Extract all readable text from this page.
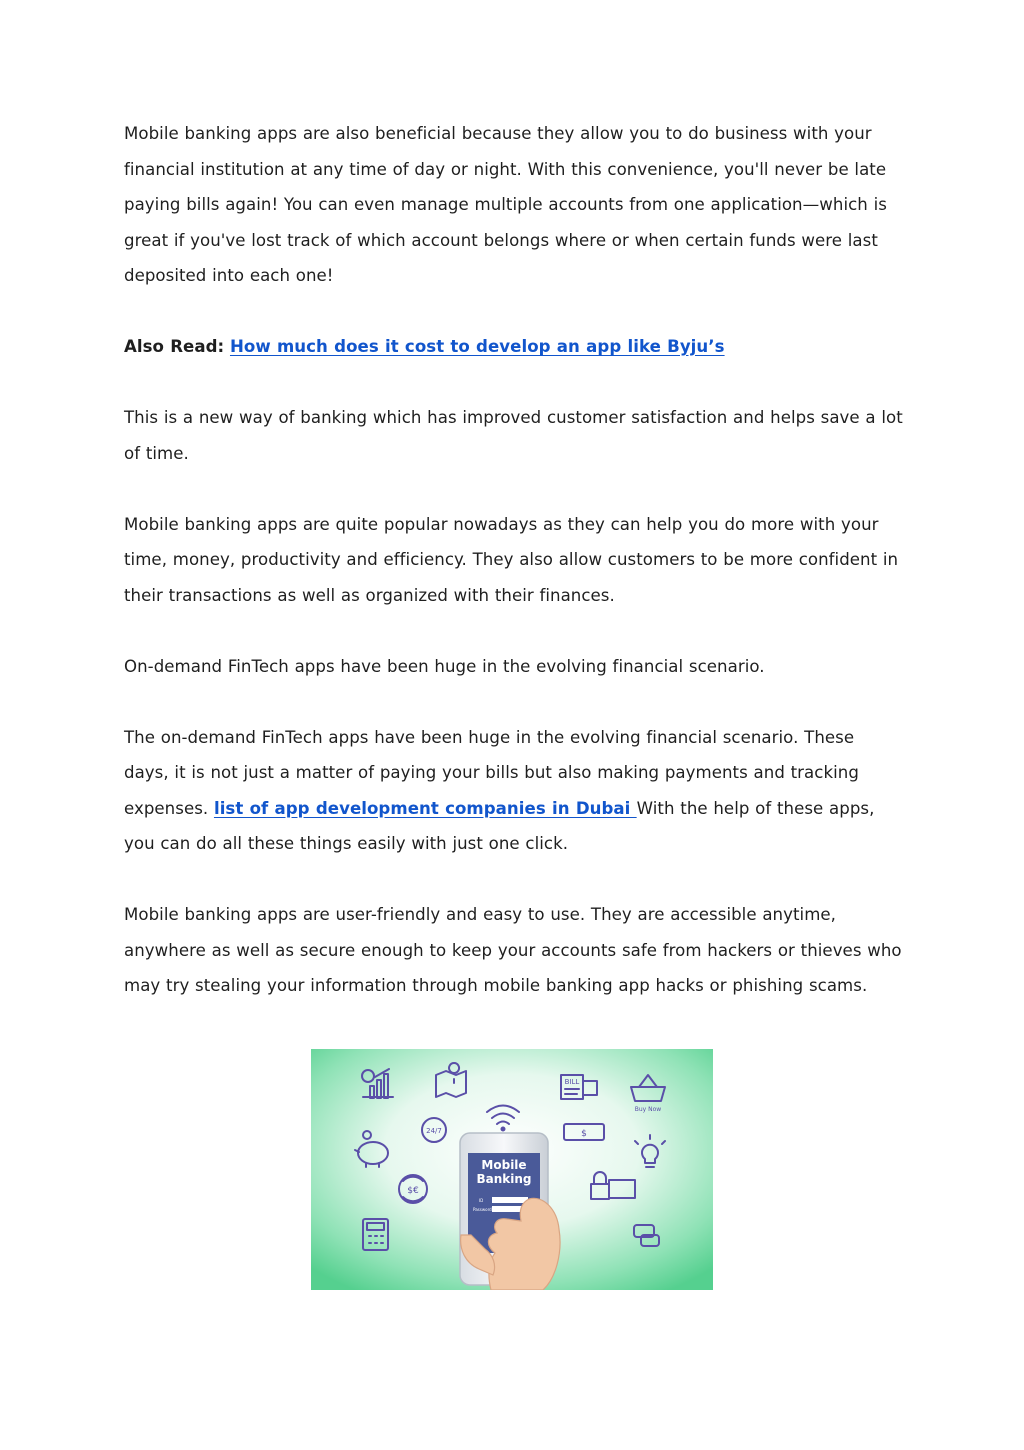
Mobile banking apps are also beneficial because they allow you to do business with your financial institution at any time of day or night. With this convenience, you'll never be late paying bills again! You can even manage multiple accounts from one application—which is great if you've lost track of which account belongs where or when certain funds were last deposited into each one!

Also Read: How much does it cost to develop an app like Byju’s

This is a new way of banking which has improved customer satisfaction and helps save a lot of time.

Mobile banking apps are quite popular nowadays as they can help you do more with your time, money, productivity and efficiency. They also allow customers to be more confident in their transactions as well as organized with their finances.

On-demand FinTech apps have been huge in the evolving financial scenario.

The on-demand FinTech apps have been huge in the evolving financial scenario. These days, it is not just a matter of paying your bills but also making payments and tracking expenses. list of app development companies in Dubai With the help of these apps, you can do all these things easily with just one click.

Mobile banking apps are user-friendly and easy to use. They are accessible anytime, anywhere as well as secure enough to keep your accounts safe from hackers or thieves who may try stealing your information through mobile banking app hacks or phishing scams.

BILL
Buy Now
24/7	$
$€
Mobile
Banking
ID
Password
